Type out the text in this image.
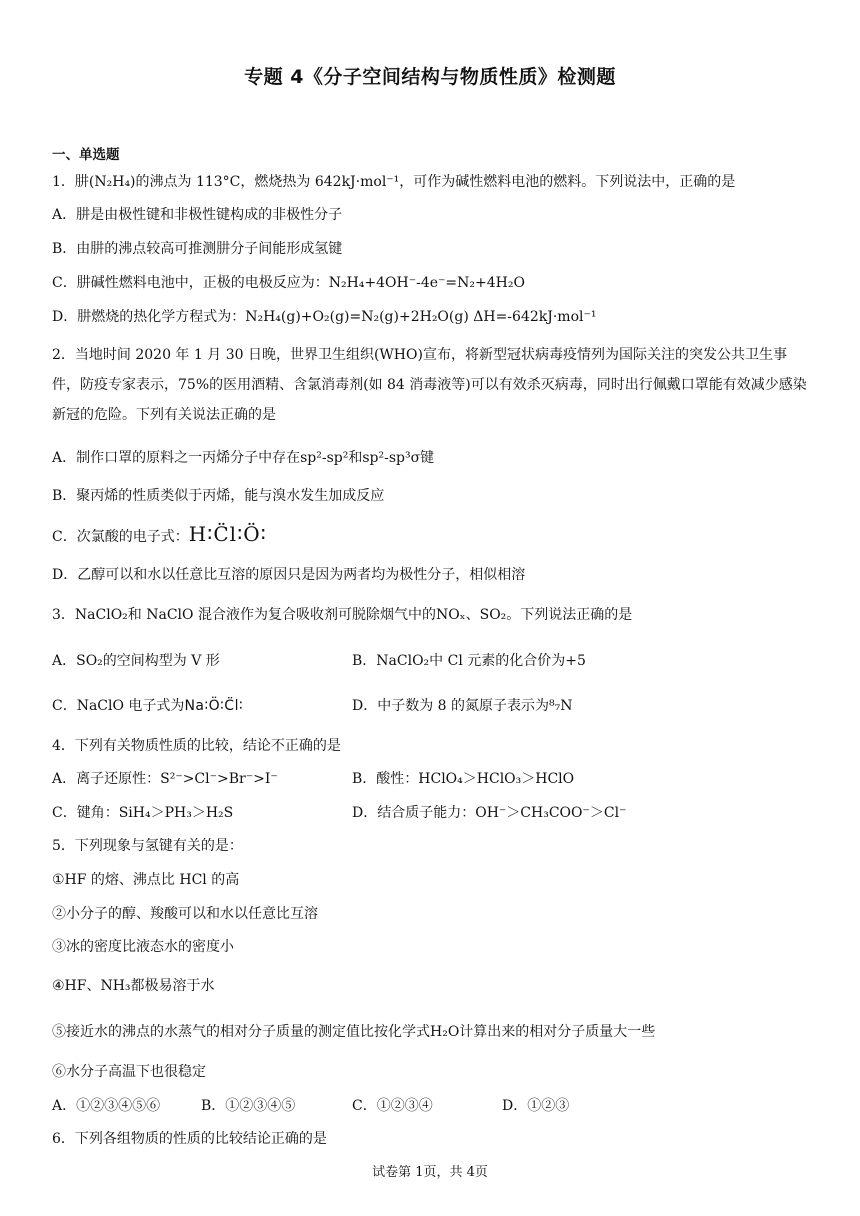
专题 4《分子空间结构与物质性质》检测题
一、单选题
1．肼(N₂H₄)的沸点为 113°C，燃烧热为 642kJ·mol⁻¹，可作为碱性燃料电池的燃料。下列说法中，正确的是
A．肼是由极性键和非极性键构成的非极性分子
B．由肼的沸点较高可推测肼分子间能形成氢键
C．肼碱性燃料电池中，正极的电极反应为：N₂H₄+4OH⁻-4e⁻=N₂+4H₂O
D．肼燃烧的热化学方程式为：N₂H₄(g)+O₂(g)=N₂(g)+2H₂O(g) ΔH=-642kJ·mol⁻¹
2．当地时间 2020 年 1 月 30 日晚，世界卫生组织(WHO)宣布，将新型冠状病毒疫情列为国际关注的突发公共卫生事件，防疫专家表示，75%的医用酒精、含氯消毒剂(如 84 消毒液等)可以有效杀灭病毒，同时出行佩戴口罩能有效减少感染新冠的危险。下列有关说法正确的是
A．制作口罩的原料之一丙烯分子中存在sp²-sp²和sp²-sp³σ键
B．聚丙烯的性质类似于丙烯，能与溴水发生加成反应
C．次氯酸的电子式：H∶C̈l∶Ö∶
D．乙醇可以和水以任意比互溶的原因只是因为两者均为极性分子，相似相溶
3．NaClO₂和 NaClO 混合液作为复合吸收剂可脱除烟气中的NOₓ、SO₂。下列说法正确的是
A．SO₂的空间构型为 V 形	B．NaClO₂中 Cl 元素的化合价为+5
C．NaClO 电子式为Na∶Ö∶C̈l∶	D．中子数为 8 的氮原子表示为⁸₇N
4．下列有关物质性质的比较，结论不正确的是
A．离子还原性：S²⁻>Cl⁻>Br⁻>I⁻	B．酸性：HClO₄＞HClO₃＞HClO
C．键角：SiH₄＞PH₃＞H₂S	D．结合质子能力：OH⁻＞CH₃COO⁻＞Cl⁻
5．下列现象与氢键有关的是：
①HF 的熔、沸点比 HCl 的高
②小分子的醇、羧酸可以和水以任意比互溶
③冰的密度比液态水的密度小
④HF、NH₃都极易溶于水
⑤接近水的沸点的水蒸气的相对分子质量的测定值比按化学式H₂O计算出来的相对分子质量大一些
⑥水分子高温下也很稳定
A．①②③④⑤⑥	B．①②③④⑤	C．①②③④	D．①②③
6．下列各组物质的性质的比较结论正确的是
试卷第 1页，共 4页
